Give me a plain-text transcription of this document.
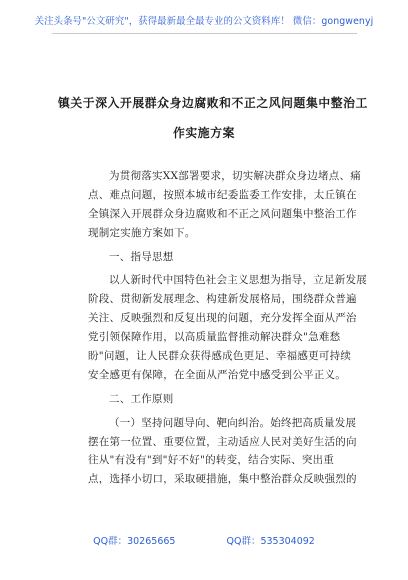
关注头条号"公文研究"，获得最新最全最专业的公文资料库！ 微信：gongwenyj
镇关于深入开展群众身边腐败和不正之风问题集中整治工
作实施方案
为贯彻落实XX部署要求，切实解决群众身边堵点、痛
点、难点问题，按照本城市纪委监委工作安排，太丘镇在
全镇深入开展群众身边腐败和不正之风问题集中整治工作
现制定实施方案如下。
一、指导思想
以人新时代中国特色社会主义思想为指导，立足新发展
阶段、贯彻新发展理念、构建新发展格局，围绕群众普遍
关注、反映强烈和反复出现的问题，充分发挥全面从严治
党引领保障作用，以高质量监督推动解决群众"急难愁
盼"问题，让人民群众获得感成色更足、幸福感更可持续
安全感更有保障，在全面从严治党中感受到公平正义。
二、工作原则
（一）坚持问题导向、靶向纠治。始终把高质量发展
摆在第一位置、重要位置，主动适应人民对美好生活的向
往从"有没有"到"好不好"的转变，结合实际、突出重
点，选择小切口，采取硬措施，集中整治群众反映强烈的
QQ群：30265665	QQ群：535304092
